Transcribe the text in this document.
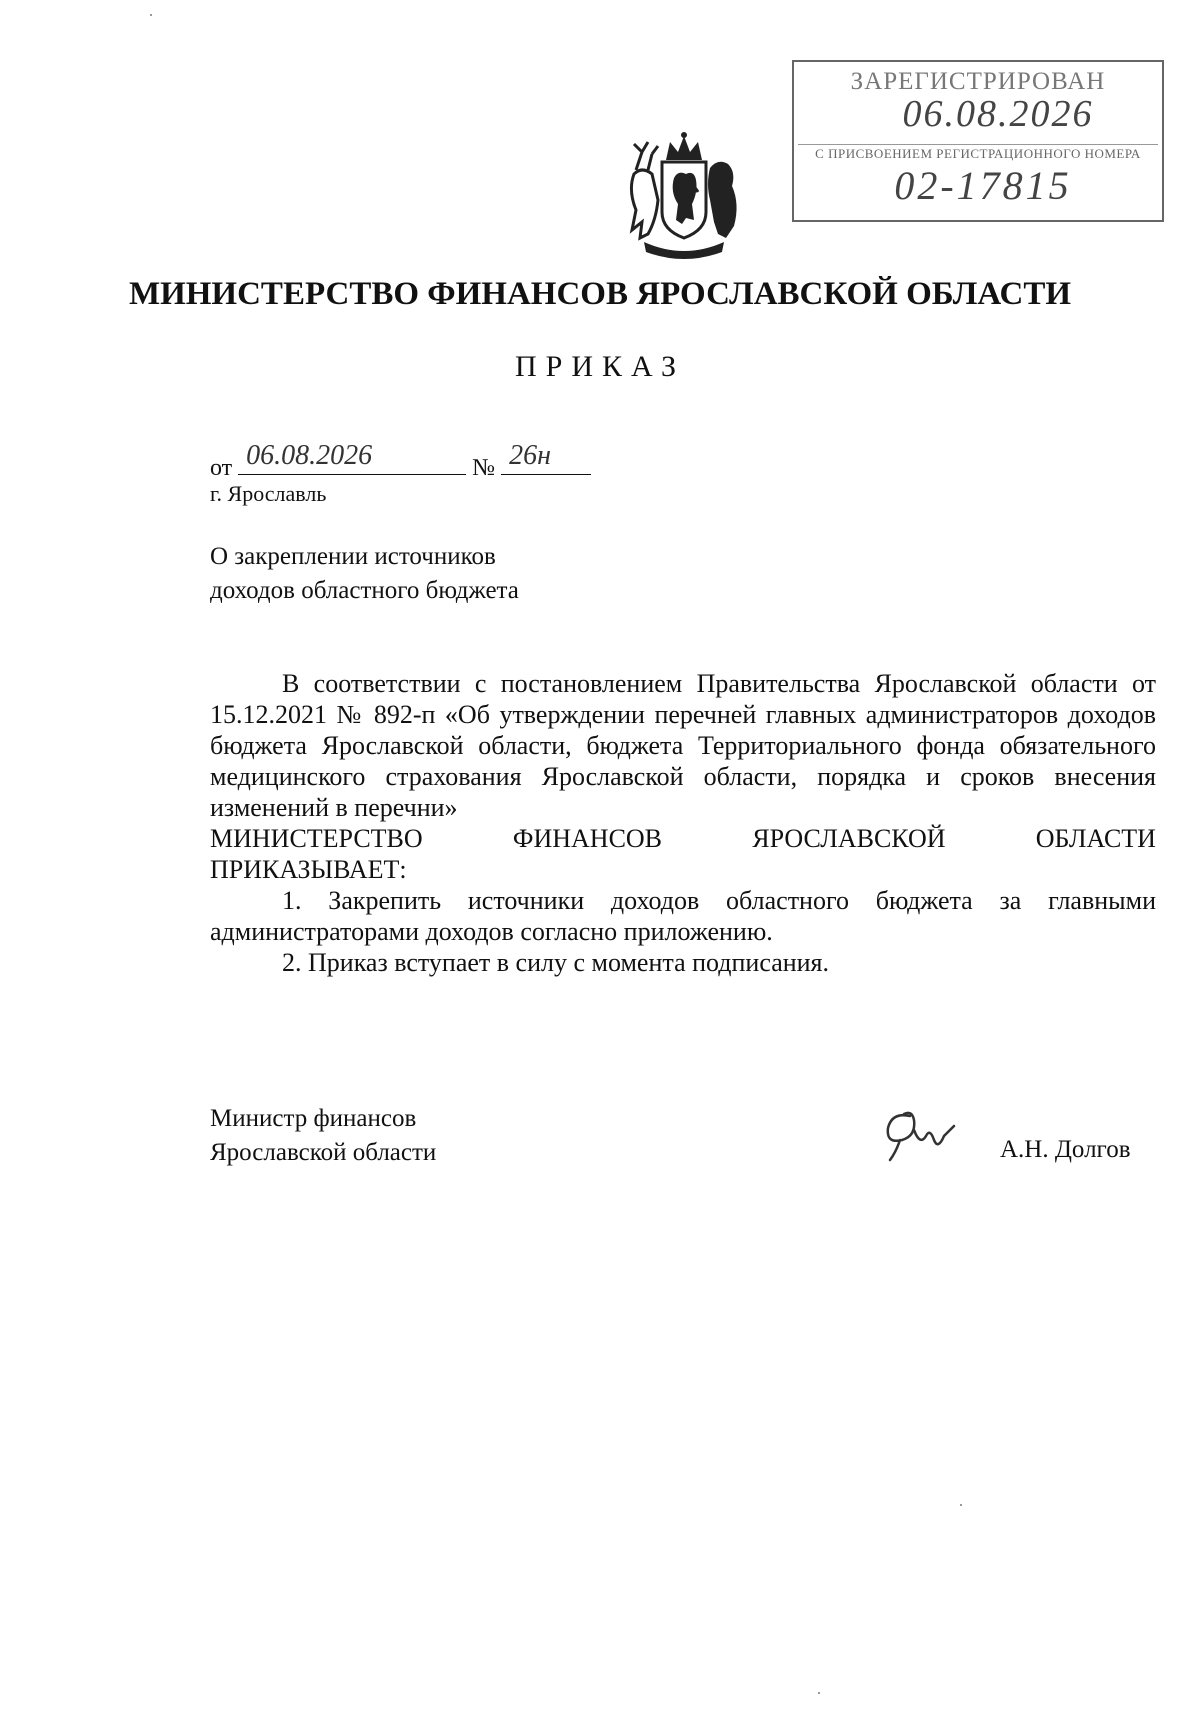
ЗАРЕГИСТРИРОВАН
06.08.2026
С ПРИСВОЕНИЕМ РЕГИСТРАЦИОННОГО НОМЕРА
02-17815
МИНИСТЕРСТВО ФИНАНСОВ ЯРОСЛАВСКОЙ ОБЛАСТИ
ПРИКАЗ
от 06.08.2026	№ 26н
г. Ярославль
О закреплении источников
доходов областного бюджета

В соответствии с постановлением Правительства Ярославской области от 15.12.2021 № 892-п «Об утверждении перечней главных администраторов доходов бюджета Ярославской области, бюджета Территориального фонда обязательного медицинского страхования Ярославской области, порядка и сроков внесения изменений в перечни»

МИНИСТЕРСТВО	ФИНАНСОВ	ЯРОСЛАВСКОЙ	ОБЛАСТИ

ПРИКАЗЫВАЕТ:

1. Закрепить источники доходов областного бюджета за главными администраторами доходов согласно приложению.

2. Приказ вступает в силу с момента подписания.

Министр финансов
Ярославской области	А.Н. Долгов
